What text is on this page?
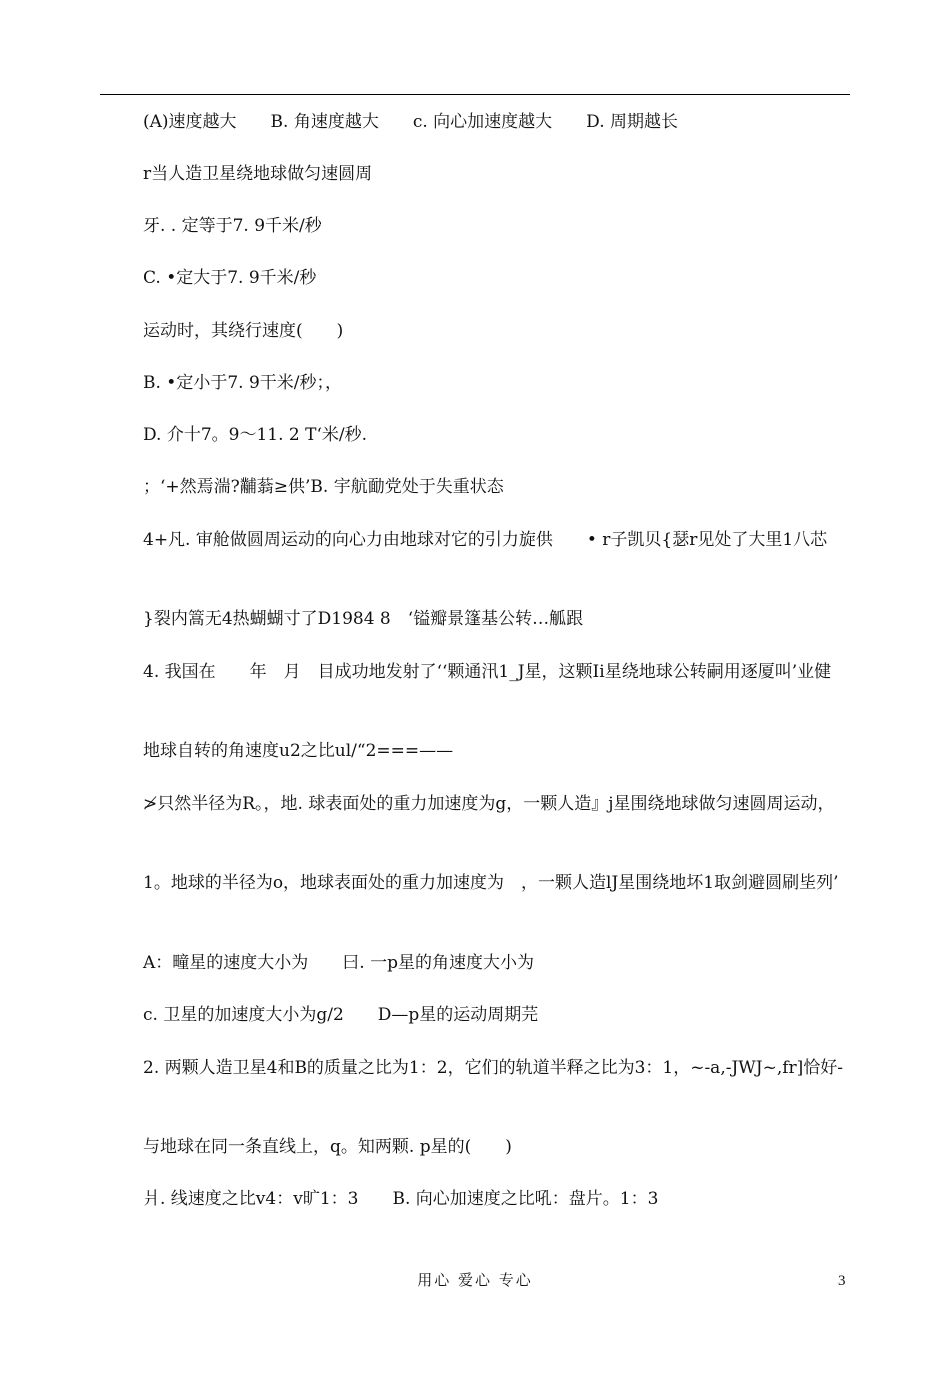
(A)速度越大　　B. 角速度越大　　c. 向心加速度越大　　D. 周期越长
r当人造卫星绕地球做匀速圆周
牙. . 定等于7. 9千米/秒
C. •定大于7. 9千米/秒
运动时，其绕行速度(　　)
B. •定小于7. 9干米/秒；，
D. 介十7。9～11. 2 T‘米/秒.
；‘+然焉湍?黼蓊≥供’B. 宇航勔党处于失重状态
4+凡. 审舱做圆周运动的向心力由地球对它的引力旋供　　• r子凯贝{瑟r见处了大里1八芯
}裂内篙无4热蝴蝴寸了D1984 8　‘镒瓣景篷基公转…觚跟
4. 我国在　　年　月　目成功地发射了‘‘颗通汛1_J星，这颗Ii星绕地球公转嗣用逐厦叫’业健
地球自转的角速度u2之比ul/“2===——
≯只然半径为R。，地. 球表面处的重力加速度为g，一颗人造』j星围绕地球做匀速圆周运动，
1。地球的半径为o，地球表面处的重力加速度为　，一颗人造lJ星围绕地坏1取剑避圆刷坒列’
A：疃星的速度大小为　　曰. 一p星的角速度大小为
c. 卫星的加速度大小为g/2　　D—p星的运动周期芫
2. 两颗人造卫星4和B的质量之比为1：2，它们的轨道半释之比为3：1，~-a,-JWJ~,fr]恰好-
与地球在同一条直线上，q。知两颗. p星的(　　)
爿. 线速度之比v4：v旷1：3　　B. 向心加速度之比吼：盘片。1：3
用心 爱心 专心	3
